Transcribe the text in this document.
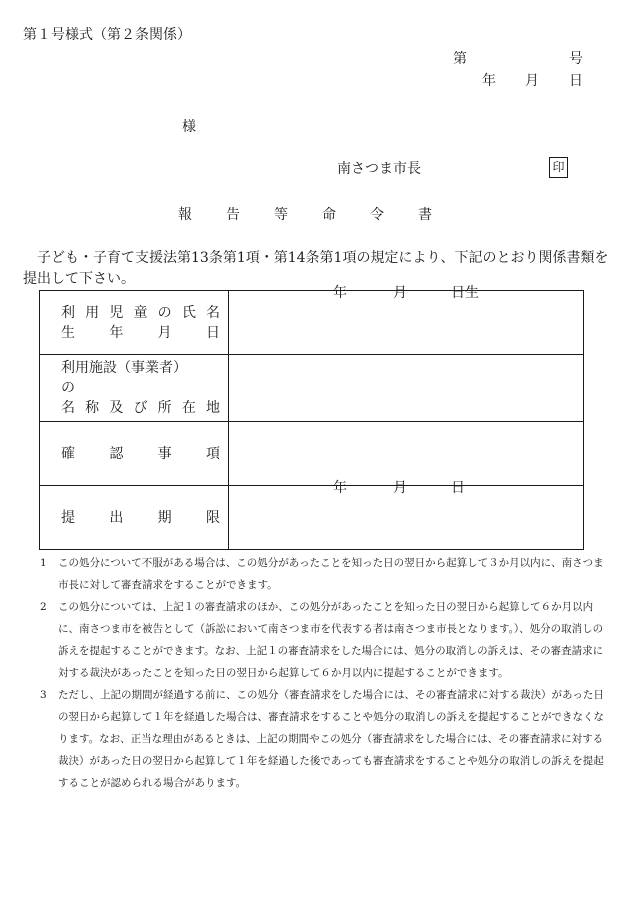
第１号様式（第２条関係）
第	号
年 月 日
様
南さつま市長	印
報告等命令書
子ども・子育て支援法第13条第1項・第14条第1項の規定により、下記のとおり関係書類を提出して下さい。
利用児童の氏名
生年月日	年 月 日生

利用施設（事業者）
の
名称及び所在地	

確認事項	

提出期限	年 月 日
1	この処分について不服がある場合は、この処分があったことを知った日の翌日から起算して３か月以内に、南さつま市長に対して審査請求をすることができます。
2	この処分については、上記１の審査請求のほか、この処分があったことを知った日の翌日から起算して６か月以内に、南さつま市を被告として（訴訟において南さつま市を代表する者は南さつま市長となります。）、処分の取消しの訴えを提起することができます。なお、上記１の審査請求をした場合には、処分の取消しの訴えは、その審査請求に対する裁決があったことを知った日の翌日から起算して６か月以内に提起することができます。
3	ただし、上記の期間が経過する前に、この処分（審査請求をした場合には、その審査請求に対する裁決）があった日の翌日から起算して１年を経過した場合は、審査請求をすることや処分の取消しの訴えを提起することができなくなります。なお、正当な理由があるときは、上記の期間やこの処分（審査請求をした場合には、その審査請求に対する裁決）があった日の翌日から起算して１年を経過した後であっても審査請求をすることや処分の取消しの訴えを提起することが認められる場合があります。
